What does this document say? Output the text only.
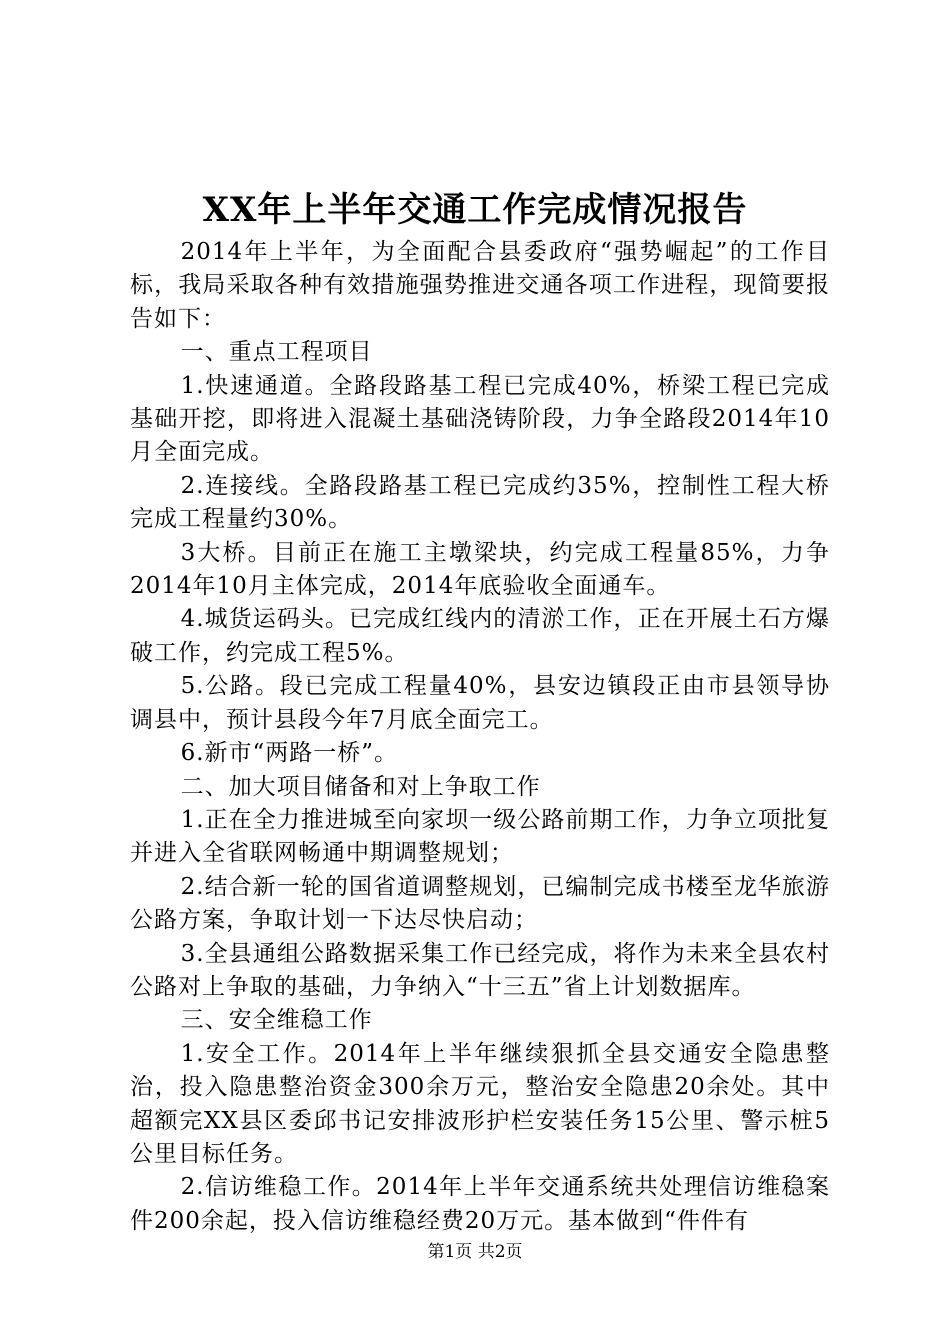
XX年上半年交通工作完成情况报告

2014年上半年，为全面配合县委政府“强势崛起”的工作目标，我局采取各种有效措施强势推进交通各项工作进程，现简要报告如下：

一、重点工程项目

1.快速通道。全路段路基工程已完成40%，桥梁工程已完成基础开挖，即将进入混凝土基础浇铸阶段，力争全路段2014年10月全面完成。

2.连接线。全路段路基工程已完成约35%，控制性工程大桥完成工程量约30%。

3大桥。目前正在施工主墩梁块，约完成工程量85%，力争2014年10月主体完成，2014年底验收全面通车。

4.城货运码头。已完成红线内的清淤工作，正在开展土石方爆破工作，约完成工程5%。

5.公路。段已完成工程量40%，县安边镇段正由市县领导协调县中，预计县段今年7月底全面完工。

6.新市“两路一桥”。

二、加大项目储备和对上争取工作

1.正在全力推进城至向家坝一级公路前期工作，力争立项批复并进入全省联网畅通中期调整规划；

2.结合新一轮的国省道调整规划，已编制完成书楼至龙华旅游公路方案，争取计划一下达尽快启动；

3.全县通组公路数据采集工作已经完成，将作为未来全县农村公路对上争取的基础，力争纳入“十三五”省上计划数据库。

三、安全维稳工作

1.安全工作。2014年上半年继续狠抓全县交通安全隐患整治，投入隐患整治资金300余万元，整治安全隐患20余处。其中超额完XX县区委邱书记安排波形护栏安装任务15公里、警示桩5公里目标任务。

2.信访维稳工作。2014年上半年交通系统共处理信访维稳案件200余起，投入信访维稳经费20万元。基本做到“件件有

第1页 共2页
